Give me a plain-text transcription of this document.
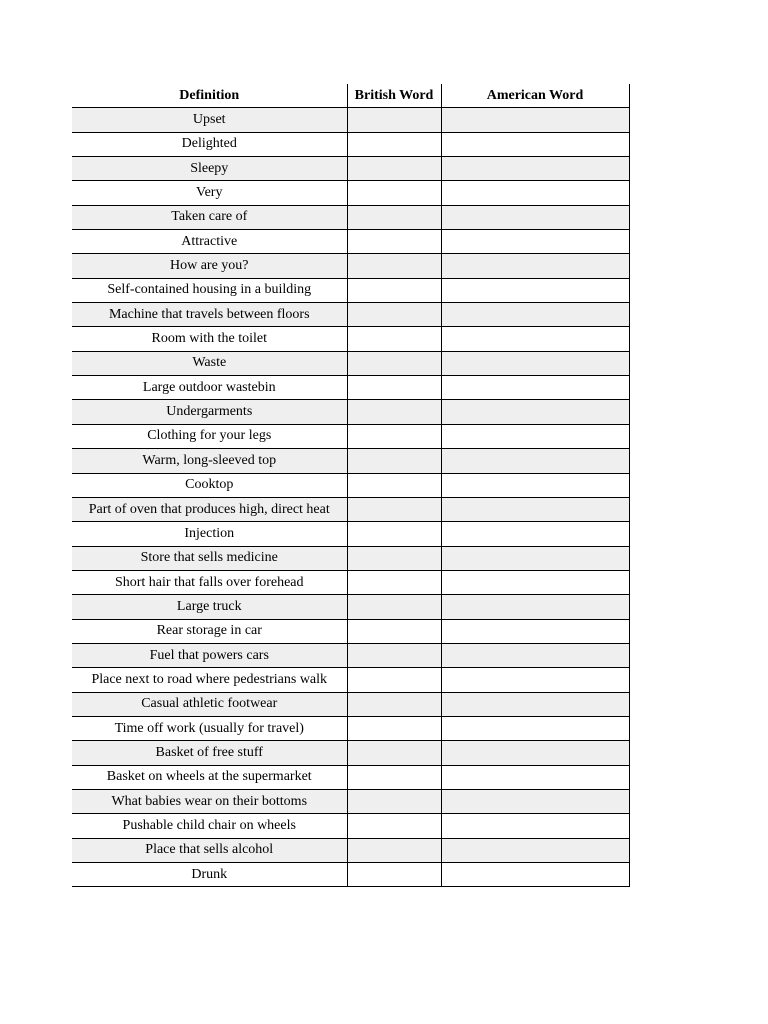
Definition	British Word	American Word
Upset		
Delighted		
Sleepy		
Very		
Taken care of		
Attractive		
How are you?		
Self-contained housing in a building		
Machine that travels between floors		
Room with the toilet		
Waste		
Large outdoor wastebin		
Undergarments		
Clothing for your legs		
Warm, long-sleeved top		
Cooktop		
Part of oven that produces high, direct heat		
Injection		
Store that sells medicine		
Short hair that falls over forehead		
Large truck		
Rear storage in car		
Fuel that powers cars		
Place next to road where pedestrians walk		
Casual athletic footwear		
Time off work (usually for travel)		
Basket of free stuff		
Basket on wheels at the supermarket		
What babies wear on their bottoms		
Pushable child chair on wheels		
Place that sells alcohol		
Drunk		
